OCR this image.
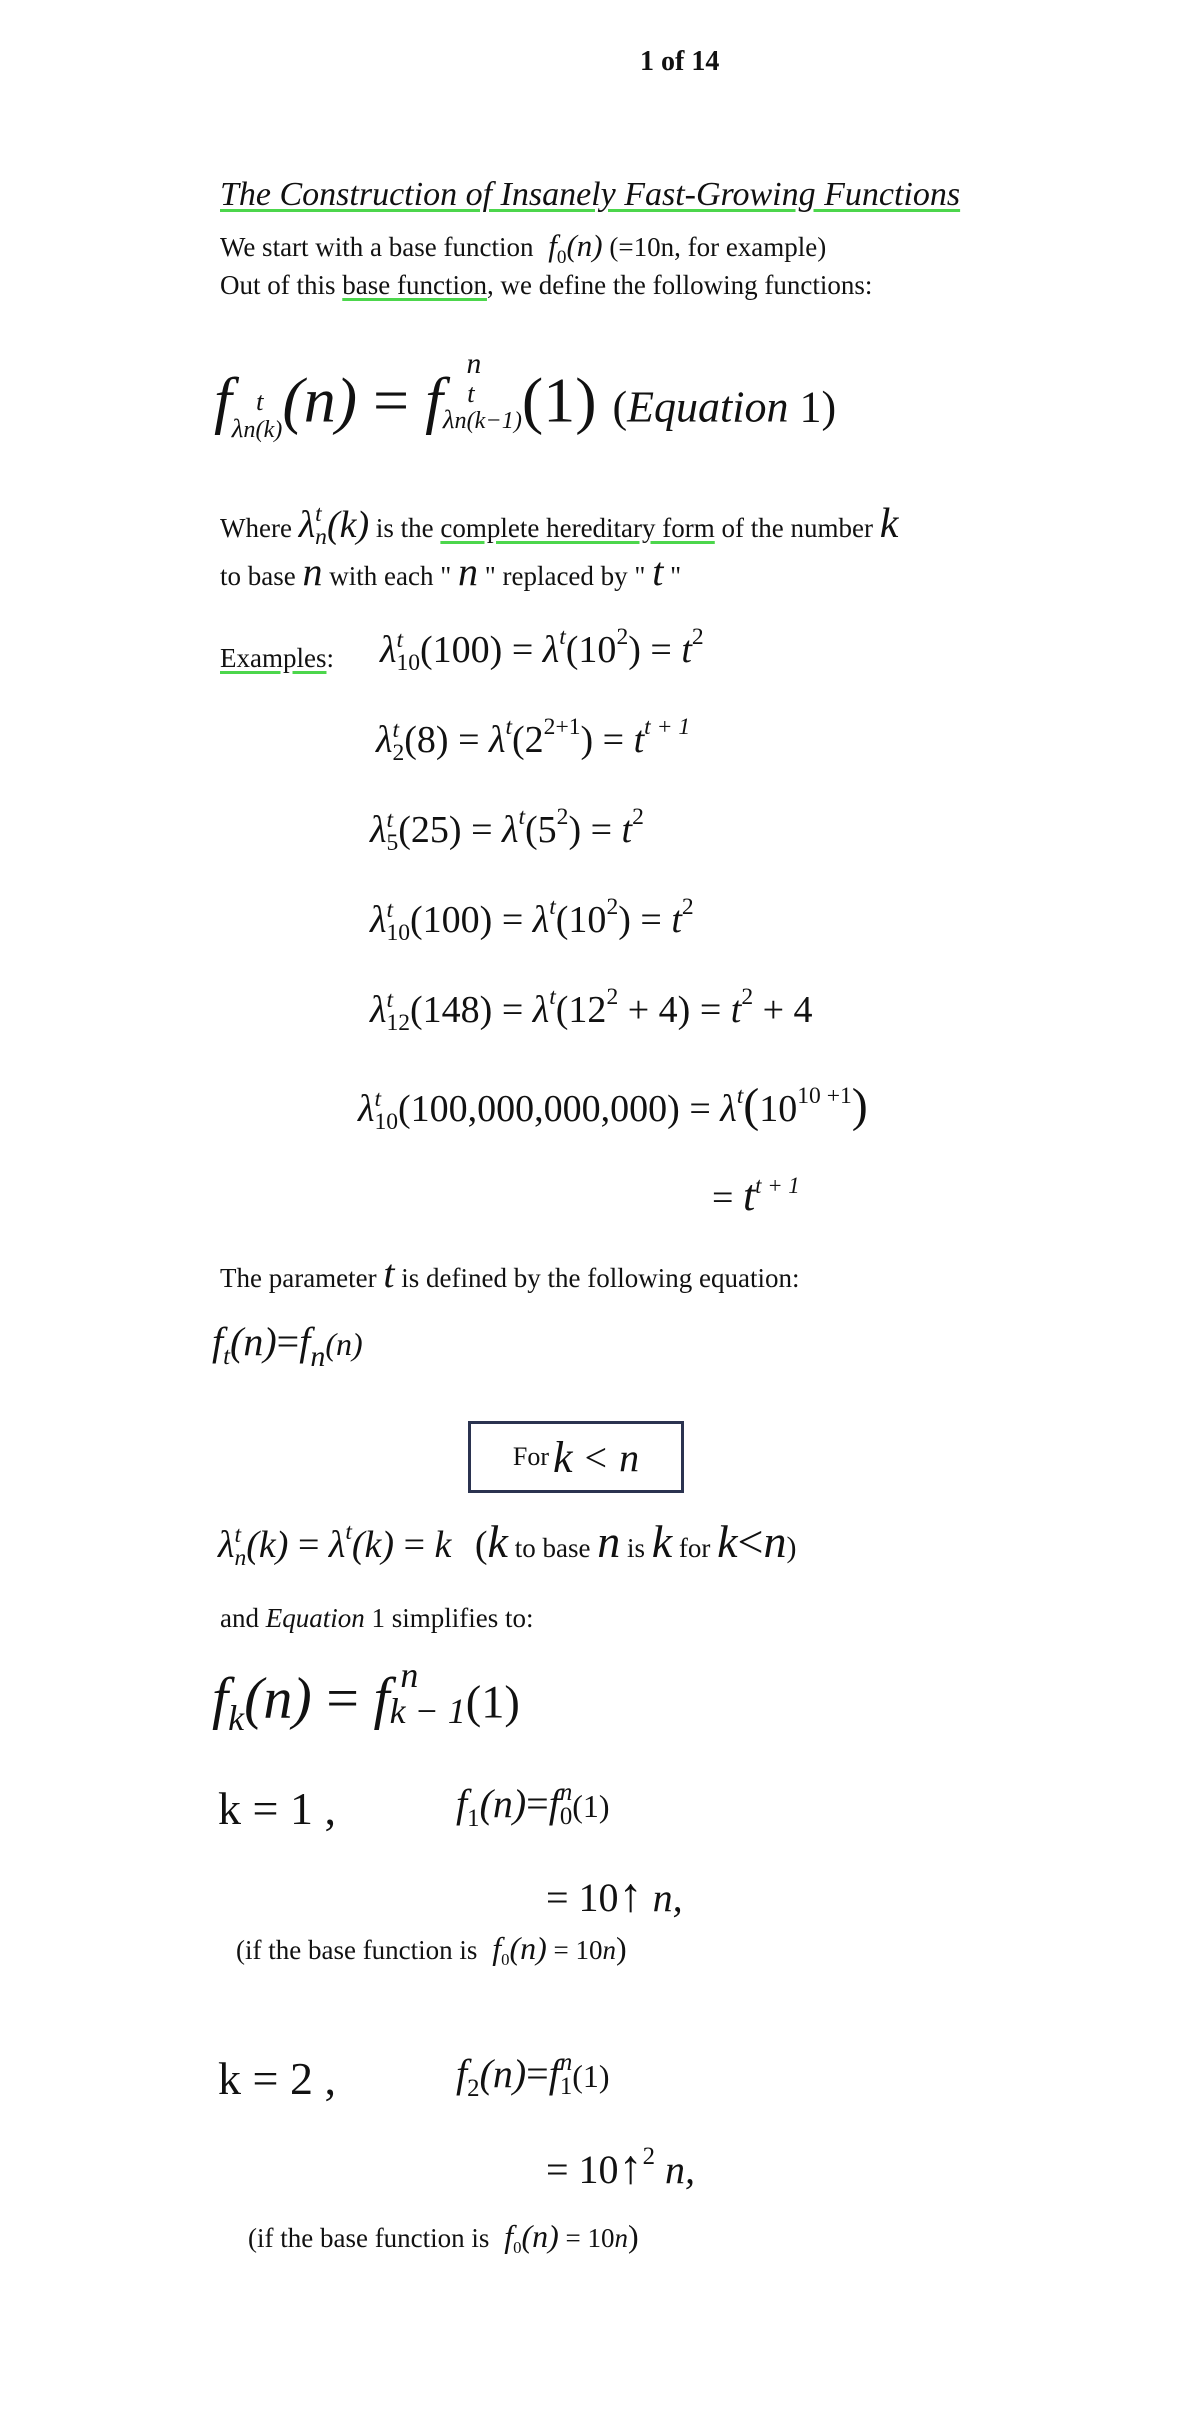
1 of 14
The Construction of Insanely Fast-Growing Functions
We start with a base function $f_0(n)$ (=10n, for example)
Out of this base function, we define the following functions:
f t
λn(k) (n) = f
n
t
λn(k−1) (1) (Equation 1)
Where λ t
n (k) is the complete hereditary form of the number k
to base n with each " n " replaced by " t "
Examples: λ t
10 $(100) = \lambda^t(10^2) = t^2$
λ t
2 $(8) = \lambda^t(2^{2+1}) = t^{t + 1}$
λ t
5 $(25) = \lambda^t(5^2) = t^2$
λ t
10 $(100) = \lambda^t(10^2) = t^2$
λ t
12 $(148) = \lambda^t(12^2 + 4) = t^2 + 4$
λ t
10 $(100,000,000,000) = \lambda^t(10^{10 +1})$
= $t^{t + 1}$
The parameter t is defined by the following equation:
$f_t(n)=f_n(n)$
For k < n
λ t
n $(k) = \lambda^t(k) = k$ (k to base n is k for k<n)
and Equation 1 simplifies to:
$f_k(n) = f$ n
k − 1 (1)
k = 1 ,	$f_1(n)=f$ n
0 (1)
= 10↑ n,
(if the base function is $f_0(n) = 10n$)
k = 2 ,	$f_2(n)=f$ n
1 (1)
= 10↑$^2$ n,
(if the base function is $f_0(n) = 10n$)
